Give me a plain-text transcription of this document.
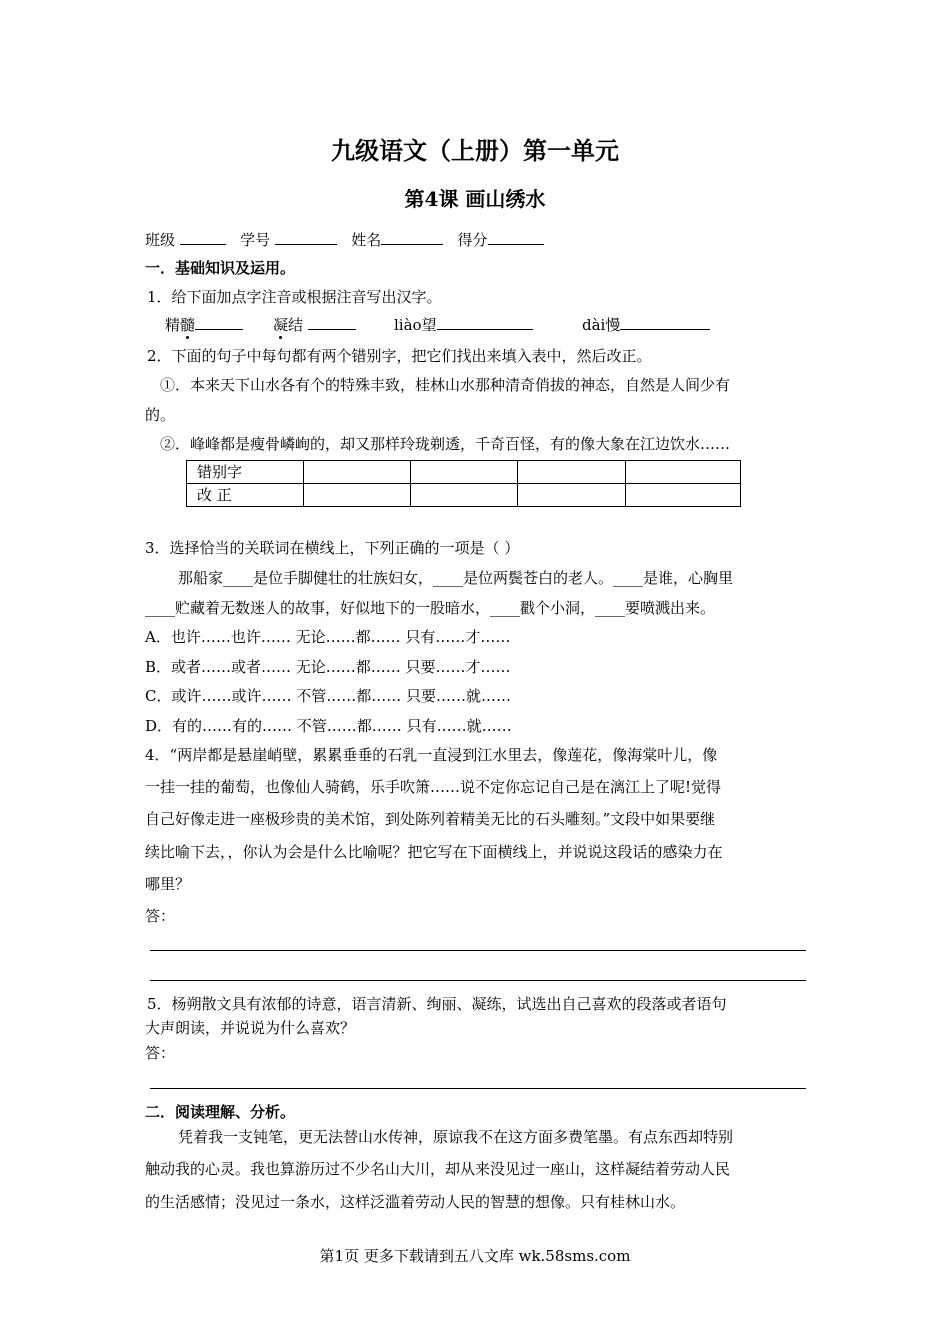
九级语文（上册）第一单元
第4课 画山绣水
班级	学号	姓名	得分
一．基础知识及运用。
1．给下面加点字注音或根据注音写出汉字。
精髓	凝结	liào望	dài慢
2．下面的句子中每句都有两个错别字，把它们找出来填入表中，然后改正。
①．本来天下山水各有个的特殊丰致，桂林山水那种清奇俏拔的神态，自然是人间少有
的。
②．峰峰都是瘦骨嶙峋的，却又那样玲珑剃透，千奇百怪，有的像大象在江边饮水……
错别字				
改 正				
3．选择恰当的关联词在横线上，下列正确的一项是（ ）
那船家____是位手脚健壮的壮族妇女，____是位两鬓苍白的老人。____是谁，心胸里
____贮藏着无数迷人的故事，好似地下的一股暗水，____戳个小洞，____要喷溅出来。
A．也许……也许…… 无论……都…… 只有……才……
B．或者……或者…… 无论……都…… 只要……才……
C．或许……或许…… 不管……都…… 只要……就……
D．有的……有的…… 不管……都…… 只有……就……
4．“两岸都是悬崖峭壁，累累垂垂的石乳一直浸到江水里去，像莲花，像海棠叶儿，像
一挂一挂的葡萄，也像仙人骑鹤，乐手吹箫……说不定你忘记自己是在漓江上了呢!觉得
自己好像走进一座极珍贵的美术馆，到处陈列着精美无比的石头雕刻。”文段中如果要继
续比喻下去，，你认为会是什么比喻呢？把它写在下面横线上，并说说这段话的感染力在
哪里？
答：
5．杨朔散文具有浓郁的诗意，语言清新、绚丽、凝练，试选出自己喜欢的段落或者语句
大声朗读，并说说为什么喜欢？
答：
二．阅读理解、分析。
凭着我一支钝笔，更无法替山水传神，原谅我不在这方面多费笔墨。有点东西却特别
触动我的心灵。我也算游历过不少名山大川，却从来没见过一座山，这样凝结着劳动人民
的生活感情；没见过一条水，这样泛滥着劳动人民的智慧的想像。只有桂林山水。
第1页 更多下载请到五八文库 wk.58sms.com
